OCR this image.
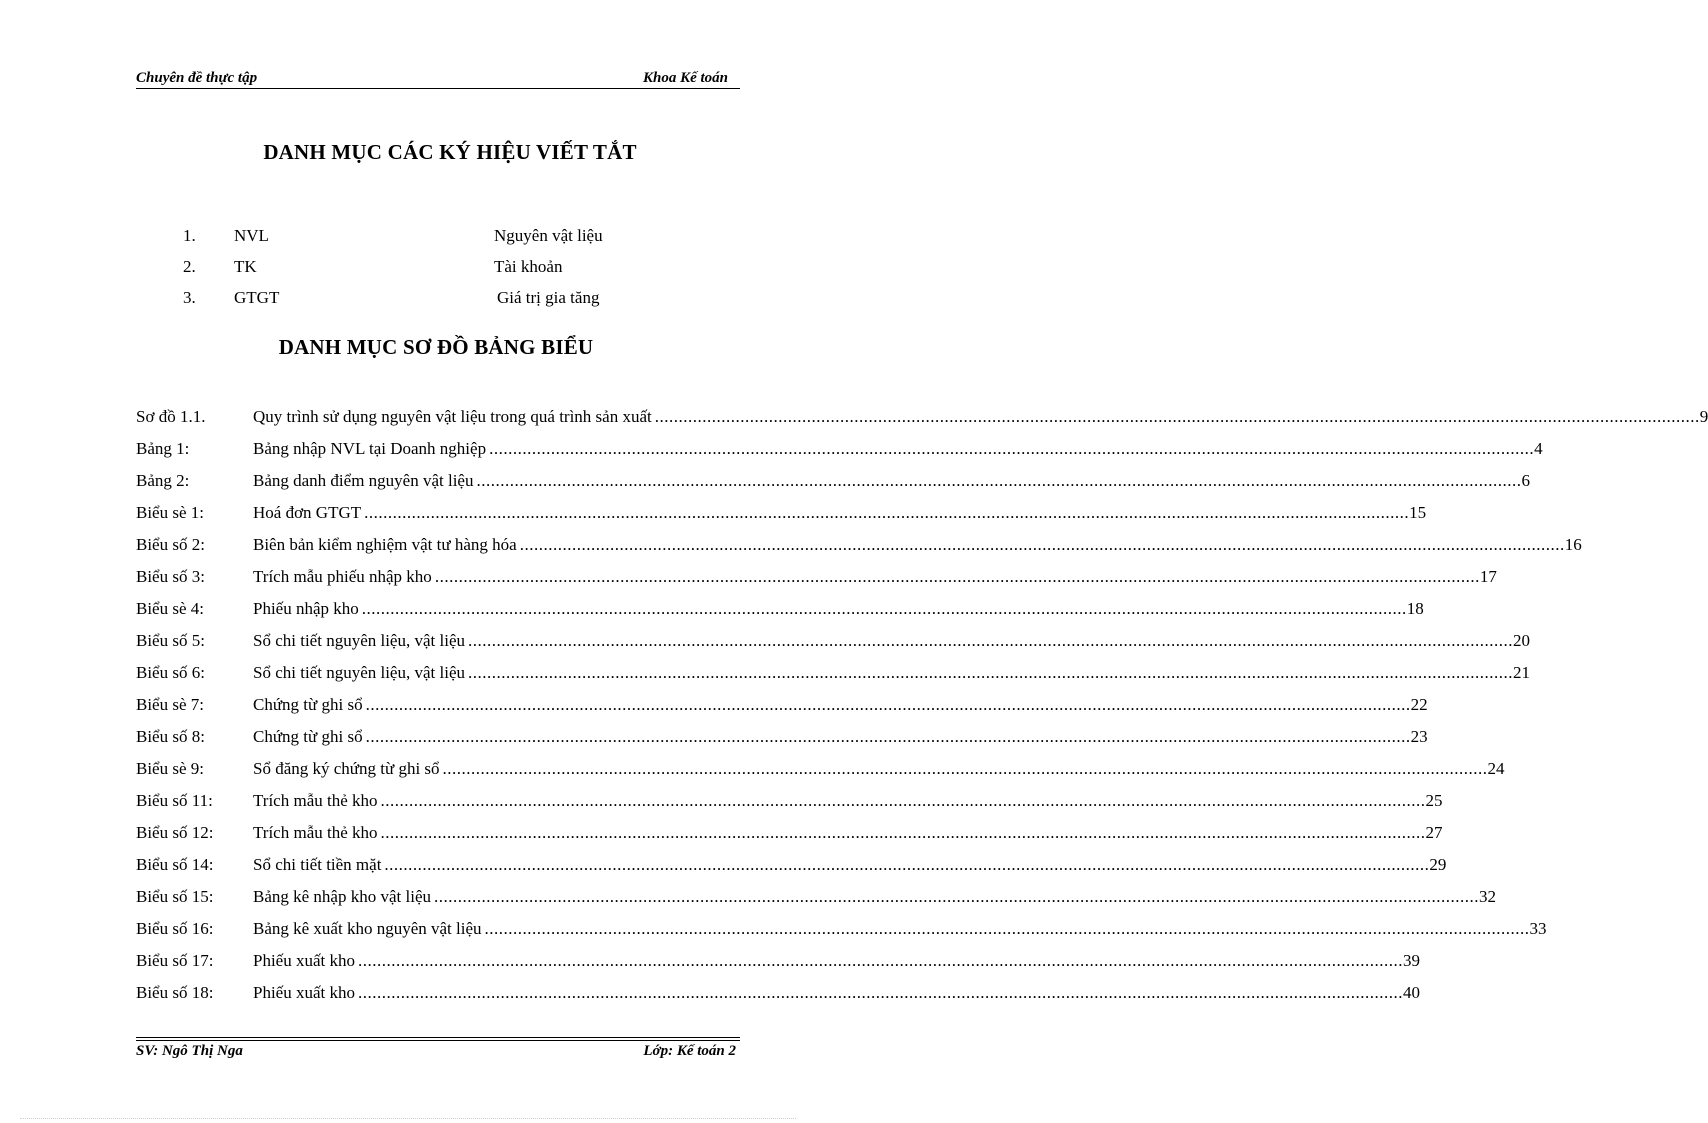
Chuyên đề thực tập	Khoa Kế toán
DANH MỤC CÁC KÝ HIỆU VIẾT TẮT
1. NVL	Nguyên vật liệu
2. TK	Tài khoản
3. GTGT	Giá trị gia tăng
DANH MỤC SƠ ĐỒ BẢNG BIỂU
Sơ đồ 1.1.	Quy trình sử dụng nguyên vật liệu trong quá trình sản xuất ............................................................................................................................................................................................................................ 9
Bảng 1:	Bảng nhập NVL tại Doanh nghiệp ............................................................................................................................................................................................................................ 4
Bảng 2:	Bảng danh điểm nguyên vật liệu ............................................................................................................................................................................................................................ 6
Biểu sè 1:	Hoá đơn GTGT ............................................................................................................................................................................................................................ 15
Biểu số 2:	Biên bản kiểm nghiệm vật tư hàng hóa ............................................................................................................................................................................................................................ 16
Biểu số 3:	Trích mẫu phiếu nhập kho ............................................................................................................................................................................................................................ 17
Biểu sè 4:	Phiếu nhập kho ............................................................................................................................................................................................................................ 18
Biểu số 5:	Sổ chi tiết nguyên liệu, vật liệu ............................................................................................................................................................................................................................ 20
Biểu số 6:	Sổ chi tiết nguyên liệu, vật liệu ............................................................................................................................................................................................................................ 21
Biểu sè 7:	Chứng từ ghi sổ ............................................................................................................................................................................................................................ 22
Biểu số 8:	Chứng từ ghi sổ ............................................................................................................................................................................................................................ 23
Biểu sè 9:	Sổ đăng ký chứng từ ghi sổ ............................................................................................................................................................................................................................ 24
Biểu số 11: Trích mẫu thẻ kho ............................................................................................................................................................................................................................ 25
Biểu số 12: Trích mẫu thẻ kho ............................................................................................................................................................................................................................ 27
Biểu số 14: Sổ chi tiết tiền mặt ............................................................................................................................................................................................................................ 29
Biểu số 15: Bảng kê nhập kho vật liệu ............................................................................................................................................................................................................................ 32
Biểu số 16: Bảng kê xuất kho nguyên vật liệu ............................................................................................................................................................................................................................ 33
Biểu số 17: Phiếu xuất kho ............................................................................................................................................................................................................................ 39
Biểu số 18: Phiếu xuất kho ............................................................................................................................................................................................................................ 40
SV: Ngô Thị Nga	Lớp: Kế toán 2
